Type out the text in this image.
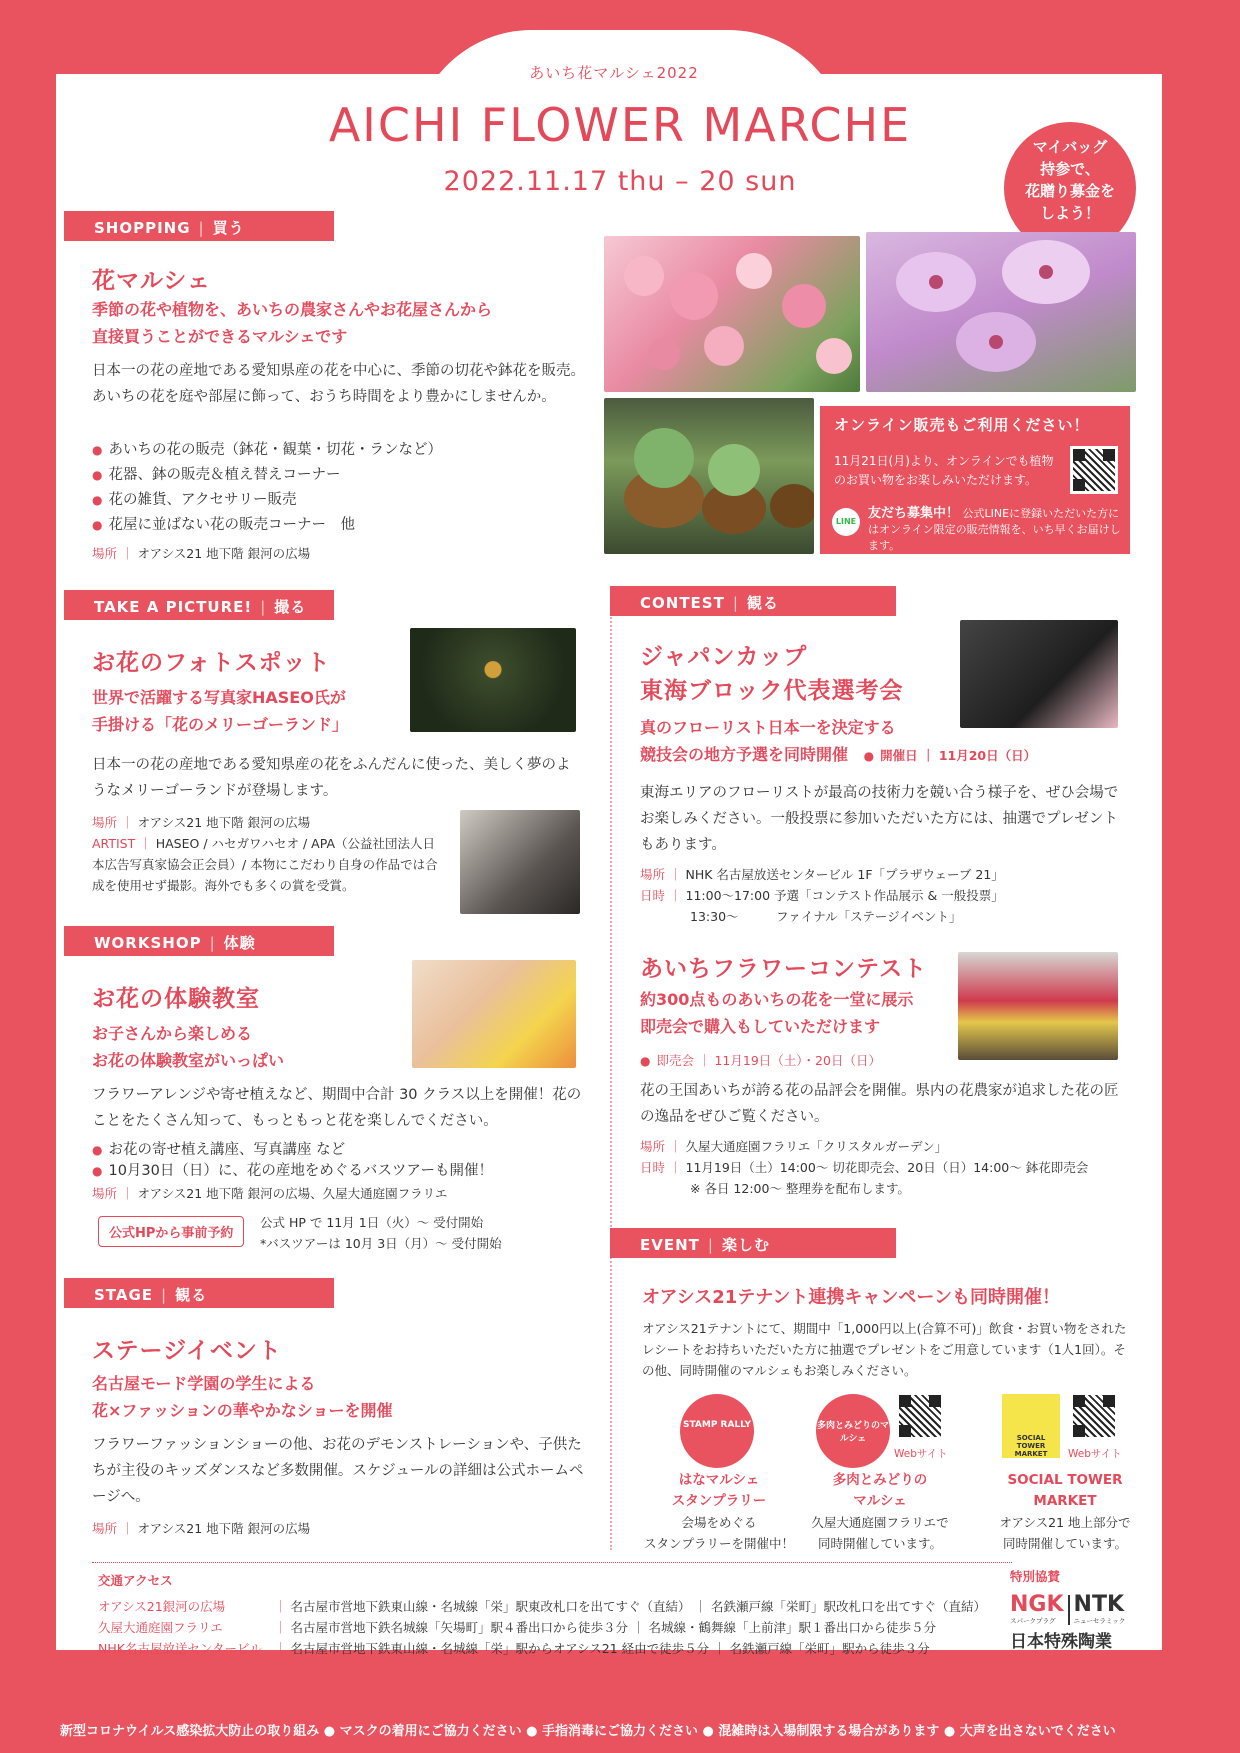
あいち花マルシェ2022
AICHI FLOWER MARCHE
2022.11.17 thu – 20 sun
マイバッグ
持参で、
花贈り募金を
しよう！
SHOPPING | 買う
花マルシェ
季節の花や植物を、あいちの農家さんやお花屋さんから
直接買うことができるマルシェです
日本一の花の産地である愛知県産の花を中心に、季節の切花や鉢花を販売。あいちの花を庭や部屋に飾って、おうち時間をより豊かにしませんか。
● あいちの花の販売（鉢花・観葉・切花・ランなど）
● 花器、鉢の販売＆植え替えコーナー
● 花の雑貨、アクセサリー販売
● 花屋に並ばない花の販売コーナー　他
場所 ｜ オアシス21 地下階 銀河の広場
オンライン販売もご利用ください！
11月21日(月)より、オンラインでも植物のお買い物をお楽しみいただけます。
LINE
友だち募集中！ 公式LINEに登録いただいた方にはオンライン限定の販売情報を、いち早くお届けします。
TAKE A PICTURE! | 撮る
お花のフォトスポット
世界で活躍する写真家HASEO氏が
手掛ける「花のメリーゴーランド」
日本一の花の産地である愛知県産の花をふんだんに使った、美しく夢のようなメリーゴーランドが登場します。
場所 ｜ オアシス21 地下階 銀河の広場
ARTIST ｜ HASEO / ハセガワハセオ / APA（公益社団法人日本広告写真家協会正会員）/ 本物にこだわり自身の作品では合成を使用せず撮影。海外でも多くの賞を受賞。
WORKSHOP | 体験
お花の体験教室
お子さんから楽しめる
お花の体験教室がいっぱい
フラワーアレンジや寄せ植えなど、期間中合計 30 クラス以上を開催！花のことをたくさん知って、もっともっと花を楽しんでください。
● お花の寄せ植え講座、写真講座 など
● 10月30日（日）に、花の産地をめぐるバスツアーも開催！
場所 ｜ オアシス21 地下階 銀河の広場、久屋大通庭園フラリエ
公式HPから事前予約
公式 HP で 11月 1日（火）〜 受付開始
*バスツアーは 10月 3日（月）〜 受付開始
STAGE | 観る
ステージイベント
名古屋モード学園の学生による
花×ファッションの華やかなショーを開催
フラワーファッションショーの他、お花のデモンストレーションや、子供たちが主役のキッズダンスなど多数開催。スケジュールの詳細は公式ホームページへ。
場所 ｜ オアシス21 地下階 銀河の広場
CONTEST | 観る
ジャパンカップ
東海ブロック代表選考会
真のフローリスト日本一を決定する
競技会の地方予選を同時開催 ● 開催日 ｜ 11月20日（日）
東海エリアのフローリストが最高の技術力を競い合う様子を、ぜひ会場でお楽しみください。一般投票に参加いただいた方には、抽選でプレゼントもあります。
場所 ｜ NHK 名古屋放送センタービル 1F「プラザウェーブ 21」
日時 ｜ 11:00〜17:00 予選「コンテスト作品展示 & 一般投票」
13:30〜　　　ファイナル「ステージイベント」
あいちフラワーコンテスト
約300点ものあいちの花を一堂に展示
即売会で購入もしていただけます
● 即売会 ｜ 11月19日（土）・20日（日）
花の王国あいちが誇る花の品評会を開催。県内の花農家が追求した花の匠の逸品をぜひご覧ください。
場所 ｜ 久屋大通庭園フラリエ「クリスタルガーデン」
日時 ｜ 11月19日（土）14:00〜 切花即売会、20日（日）14:00〜 鉢花即売会
※ 各日 12:00〜 整理券を配布します。
EVENT | 楽しむ
オアシス21テナント連携キャンペーンも同時開催！
オアシス21テナントにて、期間中「1,000円以上(合算不可)」飲食・お買い物をされたレシートをお持ちいただいた方に抽選でプレゼントをご用意しています（1人1回）。その他、同時開催のマルシェもお楽しみください。
STAMP RALLY
はなマルシェ
スタンプラリー
会場をめぐる
スタンプラリーを開催中！
多肉とみどりのマルシェ
Webサイト
多肉とみどりの
マルシェ
久屋大通庭園フラリエで
同時開催しています。
SOCIAL TOWER MARKET	Webサイト
SOCIAL TOWER
MARKET
オアシス21 地上部分で
同時開催しています。
交通アクセス
オアシス21銀河の広場	｜ 名古屋市営地下鉄東山線・名城線「栄」駅東改札口を出てすぐ（直結） ｜ 名鉄瀬戸線「栄町」駅改札口を出てすぐ（直結）
久屋大通庭園フラリエ	｜ 名古屋市営地下鉄名城線「矢場町」駅４番出口から徒歩３分 ｜ 名城線・鶴舞線「上前津」駅１番出口から徒歩５分
NHK名古屋放送センタービル ｜ 名古屋市営地下鉄東山線・名城線「栄」駅からオアシス21 経由で徒歩５分 ｜ 名鉄瀬戸線「栄町」駅から徒歩３分
特別協賛
NGK
スパークプラグ
NTK
ニューセラミック
日本特殊陶業
新型コロナウイルス感染拡大防止の取り組み ● マスクの着用にご協力ください ● 手指消毒にご協力ください ● 混雑時は入場制限する場合があります ● 大声を出さないでください
